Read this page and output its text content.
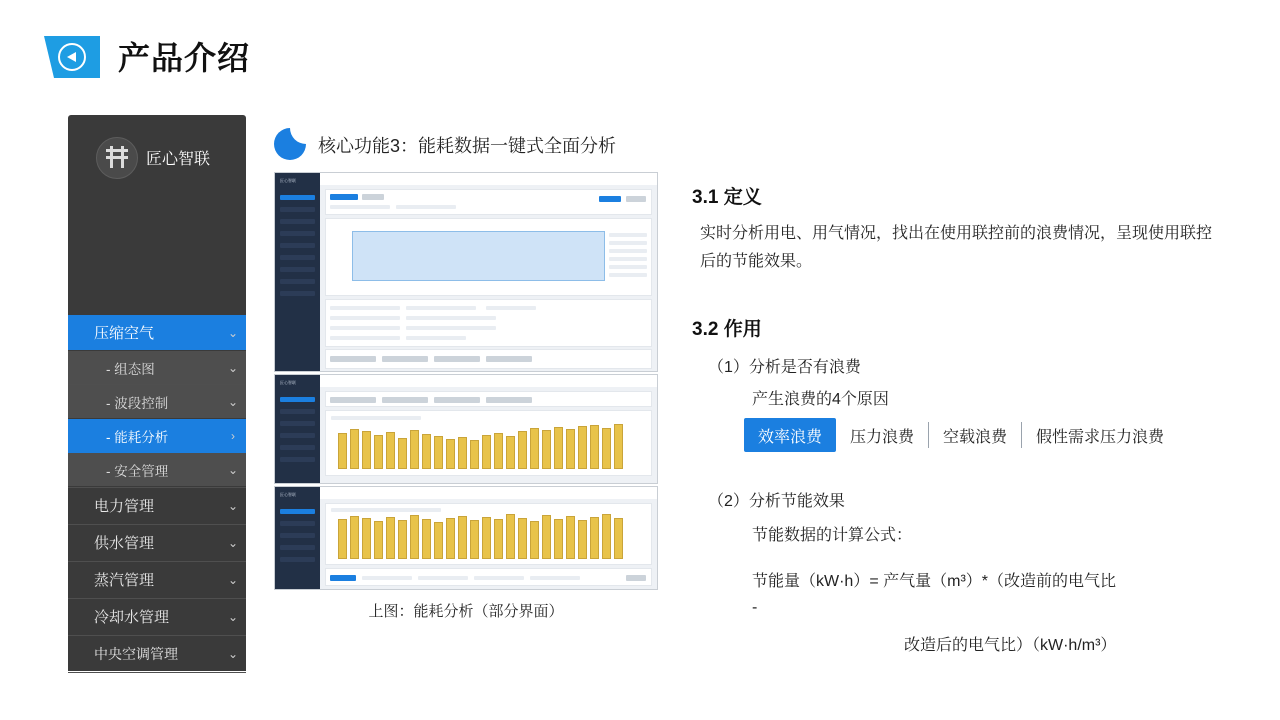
产品介绍
匠心智联
压缩空气	⌄
- 组态图	⌄
- 波段控制	⌄
- 能耗分析	›
- 安全管理	⌄
电力管理	⌄
供水管理	⌄
蒸汽管理	⌄
冷却水管理	⌄
中央空调管理	⌄
核心功能3：能耗数据一键式全面分析
匠心智联
匠心智联
匠心智联
上图：能耗分析（部分界面）
3.1 定义
实时分析用电、用气情况，找出在使用联控前的浪费情况，呈现使用联控后的节能效果。
3.2 作用
（1）分析是否有浪费
产生浪费的4个原因
效率浪费	压力浪费	空载浪费	假性需求压力浪费
（2）分析节能效果
节能数据的计算公式：
节能量（kW·h）= 产气量（m³）*（改造前的电气比
-
改造后的电气比）（kW·h/m³）
